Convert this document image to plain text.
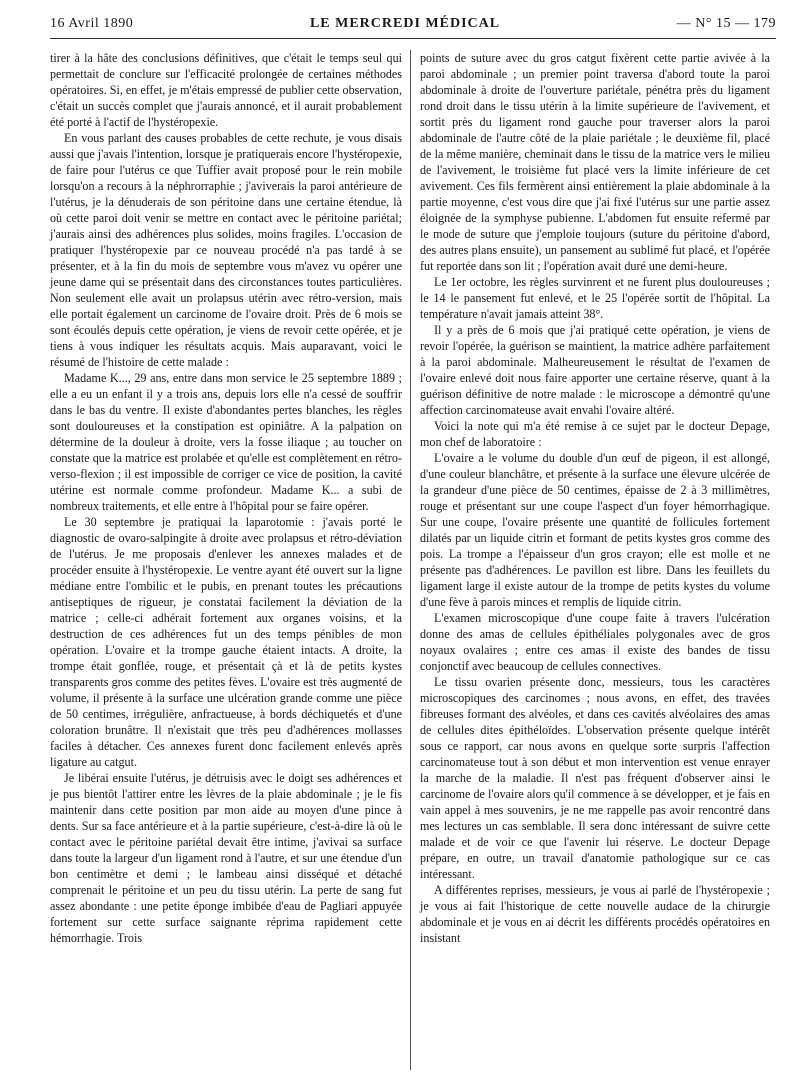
16 Avril 1890	LE MERCREDI MÉDICAL	— N° 15 — 179

tirer à la hâte des conclusions définitives, que c'était le temps seul qui permettait de conclure sur l'efficacité prolongée de certaines méthodes opératoires. Si, en effet, je m'étais empressé de publier cette observation, c'était un succès complet que j'aurais annoncé, et il aurait probablement été porté à l'actif de l'hystéropexie.

En vous parlant des causes probables de cette rechute, je vous disais aussi que j'avais l'intention, lorsque je pratiquerais encore l'hystéropexie, de faire pour l'utérus ce que Tuffier avait proposé pour le rein mobile lorsqu'on a recours à la néphrorraphie ; j'aviverais la paroi antérieure de l'utérus, je la dénuderais de son péritoine dans une certaine étendue, là où cette paroi doit venir se mettre en contact avec le péritoine pariétal; j'aurais ainsi des adhérences plus solides, moins fragiles. L'occasion de pratiquer l'hystéropexie par ce nouveau procédé n'a pas tardé à se présenter, et à la fin du mois de septembre vous m'avez vu opérer une jeune dame qui se présentait dans des circonstances toutes particulières. Non seulement elle avait un prolapsus utérin avec rétro-version, mais elle portait également un carcinome de l'ovaire droit. Près de 6 mois se sont écoulés depuis cette opération, je viens de revoir cette opérée, et je tiens à vous indiquer les résultats acquis. Mais auparavant, voici le résumé de l'histoire de cette malade :

Madame K..., 29 ans, entre dans mon service le 25 septembre 1889 ; elle a eu un enfant il y a trois ans, depuis lors elle n'a cessé de souffrir dans le bas du ventre. Il existe d'abondantes pertes blanches, les règles sont douloureuses et la constipation est opiniâtre. A la palpation on détermine de la douleur à droite, vers la fosse iliaque ; au toucher on constate que la matrice est prolabée et qu'elle est complètement en rétro-verso-flexion ; il est impossible de corriger ce vice de position, la cavité utérine est normale comme profondeur. Madame K... a subi de nombreux traitements, et elle entre à l'hôpital pour se faire opérer.

Le 30 septembre je pratiquai la laparotomie : j'avais porté le diagnostic de ovaro-salpingite à droite avec prolapsus et rétro-déviation de l'utérus. Je me proposais d'enlever les annexes malades et de procéder ensuite à l'hystéropexie. Le ventre ayant été ouvert sur la ligne médiane entre l'ombilic et le pubis, en prenant toutes les précautions antiseptiques de rigueur, je constatai facilement la déviation de la matrice ; celle-ci adhérait fortement aux organes voisins, et la destruction de ces adhérences fut un des temps pénibles de mon opération. L'ovaire et la trompe gauche étaient intacts. A droite, la trompe était gonflée, rouge, et présentait çà et là de petits kystes transparents gros comme des petites fèves. L'ovaire est très augmenté de volume, il présente à la surface une ulcération grande comme une pièce de 50 centimes, irrégulière, anfractueuse, à bords déchiquetés et d'une coloration brunâtre. Il n'existait que très peu d'adhérences mollasses faciles à détacher. Ces annexes furent donc facilement enlevés après ligature au catgut.

Je libérai ensuite l'utérus, je détruisis avec le doigt ses adhérences et je pus bientôt l'attirer entre les lèvres de la plaie abdominale ; je le fis maintenir dans cette position par mon aide au moyen d'une pince à dents. Sur sa face antérieure et à la partie supérieure, c'est-à-dire là où le contact avec le péritoine pariétal devait être intime, j'avivai sa surface dans toute la largeur d'un ligament rond à l'autre, et sur une étendue d'un bon centimètre et demi ; le lambeau ainsi disséqué et détaché comprenait le péritoine et un peu du tissu utérin. La perte de sang fut assez abondante : une petite éponge imbibée d'eau de Pagliari appuyée fortement sur cette surface saignante réprima rapidement cette hémorrhagie. Trois

points de suture avec du gros catgut fixèrent cette partie avivée à la paroi abdominale ; un premier point traversa d'abord toute la paroi abdominale à droite de l'ouverture pariétale, pénétra près du ligament rond droit dans le tissu utérin à la limite supérieure de l'avivement, et sortit près du ligament rond gauche pour traverser alors la paroi abdominale de l'autre côté de la plaie pariétale ; le deuxième fil, placé de la même manière, cheminait dans le tissu de la matrice vers le milieu de l'avivement, le troisième fut placé vers la limite inférieure de cet avivement. Ces fils fermèrent ainsi entièrement la plaie abdominale à la partie moyenne, c'est vous dire que j'ai fixé l'utérus sur une partie assez éloignée de la symphyse pubienne. L'abdomen fut ensuite refermé par le mode de suture que j'emploie toujours (suture du péritoine d'abord, des autres plans ensuite), un pansement au sublimé fut placé, et l'opérée fut reportée dans son lit ; l'opération avait duré une demi-heure.

Le 1er octobre, les règles survinrent et ne furent plus douloureuses ; le 14 le pansement fut enlevé, et le 25 l'opérée sortit de l'hôpital. La température n'avait jamais atteint 38°.

Il y a près de 6 mois que j'ai pratiqué cette opération, je viens de revoir l'opérée, la guérison se maintient, la matrice adhère parfaitement à la paroi abdominale. Malheureusement le résultat de l'examen de l'ovaire enlevé doit nous faire apporter une certaine réserve, quant à la guérison définitive de notre malade : le microscope a démontré qu'une affection carcinomateuse avait envahi l'ovaire altéré.

Voici la note qui m'a été remise à ce sujet par le docteur Depage, mon chef de laboratoire :

L'ovaire a le volume du double d'un œuf de pigeon, il est allongé, d'une couleur blanchâtre, et présente à la surface une élevure ulcérée de la grandeur d'une pièce de 50 centimes, épaisse de 2 à 3 millimètres, rouge et présentant sur une coupe l'aspect d'un foyer hémorrhagique. Sur une coupe, l'ovaire présente une quantité de follicules fortement dilatés par un liquide citrin et formant de petits kystes gros comme des pois. La trompe a l'épaisseur d'un gros crayon; elle est molle et ne présente pas d'adhérences. Le pavillon est libre. Dans les feuillets du ligament large il existe autour de la trompe de petits kystes du volume d'une fève à parois minces et remplis de liquide citrin.

L'examen microscopique d'une coupe faite à travers l'ulcération donne des amas de cellules épithéliales polygonales avec de gros noyaux ovalaires ; entre ces amas il existe des bandes de tissu conjonctif avec beaucoup de cellules connectives.

Le tissu ovarien présente donc, messieurs, tous les caractères microscopiques des carcinomes ; nous avons, en effet, des travées fibreuses formant des alvéoles, et dans ces cavités alvéolaires des amas de cellules dites épithéloïdes. L'observation présente quelque intérêt sous ce rapport, car nous avons en quelque sorte surpris l'affection carcinomateuse tout à son début et mon intervention est venue enrayer la marche de la maladie. Il n'est pas fréquent d'observer ainsi le carcinome de l'ovaire alors qu'il commence à se développer, et je fais en vain appel à mes souvenirs, je ne me rappelle pas avoir rencontré dans mes lectures un cas semblable. Il sera donc intéressant de suivre cette malade et de voir ce que l'avenir lui réserve. Le docteur Depage prépare, en outre, un travail d'anatomie pathologique sur ce cas intéressant.

A différentes reprises, messieurs, je vous ai parlé de l'hystéropexie ; je vous ai fait l'historique de cette nouvelle audace de la chirurgie abdominale et je vous en ai décrit les différents procédés opératoires en insistant
